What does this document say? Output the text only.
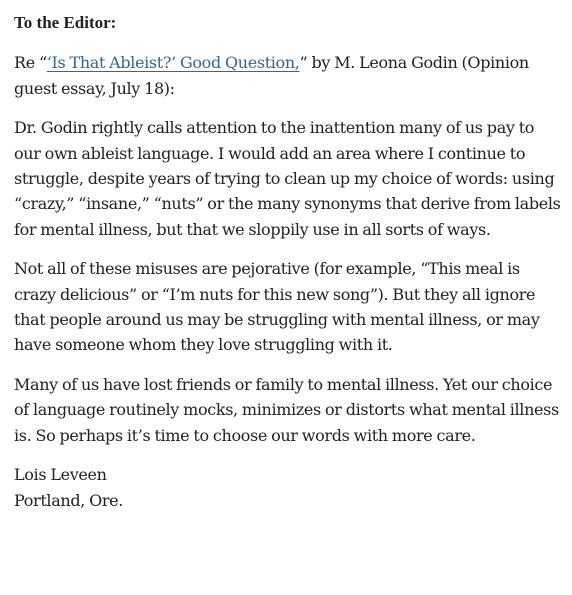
To the Editor:

Re “‘Is That Ableist?’ Good Question,” by M. Leona Godin (Opinion guest essay, July 18):

Dr. Godin rightly calls attention to the inattention many of us pay to our own ableist language. I would add an area where I continue to struggle, despite years of trying to clean up my choice of words: using “crazy,” “insane,” “nuts” or the many synonyms that derive from labels for mental illness, but that we sloppily use in all sorts of ways.

Not all of these misuses are pejorative (for example, “This meal is crazy delicious” or “I’m nuts for this new song”). But they all ignore that people around us may be struggling with mental illness, or may have someone whom they love struggling with it.

Many of us have lost friends or family to mental illness. Yet our choice of language routinely mocks, minimizes or distorts what mental illness is. So perhaps it’s time to choose our words with more care.

Lois Leveen
Portland, Ore.
